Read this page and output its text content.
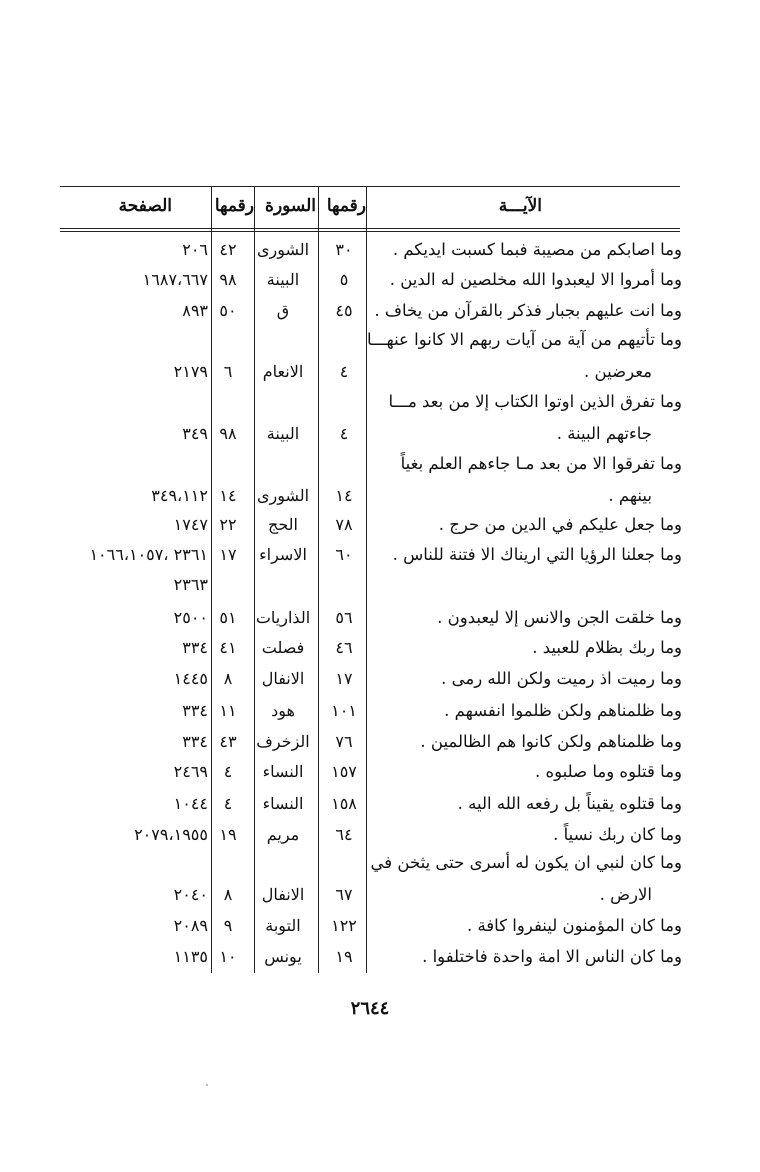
الآيـــة
رقمها
السورة
رقمها
الصفحة
وما اصابكم من مصيبة فبما كسبت ايديكم .
٣٠
الشورى
٤٢
٢٠٦
وما أمروا الا ليعبدوا الله مخلصين له الدين .
٥
البينة
٩٨
١٦٨٧،٦٦٧
وما انت عليهم بجبار فذكر بالقرآن من يخاف .
٤٥
ق
٥٠
٨٩٣
وما تأتيهم من آية من آيات ربهم الا كانوا عنهـــا
معرضين .
٤
الانعام
٦
٢١٧٩
وما تفرق الذين اوتوا الكتاب إلا من بعد مـــا
جاءتهم البينة .
٤
البينة
٩٨
٣٤٩
وما تفرقوا الا من بعد مـا جاءهم العلم بغياً
بينهم .
١٤
الشورى
١٤
٣٤٩،١١٢
وما جعل عليكم في الدين من حرج .
٧٨
الحج
٢٢
١٧٤٧
وما جعلنا الرؤيا التي اريناك الا فتنة للناس .
٦٠
الاسراء
١٧
٢٣٦١ ،١٠٦٦،١٠٥٧
٢٣٦٣
وما خلقت الجن والانس إلا ليعبدون .
٥٦
الذاريات
٥١
٢٥٠٠
وما ربك بظلام للعبيد .
٤٦
فصلت
٤١
٣٣٤
وما رميت اذ رميت ولكن الله رمى .
١٧
الانفال
٨
١٤٤٥
وما ظلمناهم ولكن ظلموا انفسهم .
١٠١
هود
١١
٣٣٤
وما ظلمناهم ولكن كانوا هم الظالمين .
٧٦
الزخرف
٤٣
٣٣٤
وما قتلوه وما صلبوه .
١٥٧
النساء
٤
٢٤٦٩
وما قتلوه يقيناً بل رفعه الله اليه .
١٥٨
النساء
٤
١٠٤٤
وما كان ربك نسياً .
٦٤
مريم
١٩
٢٠٧٩،١٩٥٥
وما كان لنبي ان يكون له أسرى حتى يثخن في
الارض .
٦٧
الانفال
٨
٢٠٤٠
وما كان المؤمنون لينفروا كافة .
١٢٢
التوبة
٩
٢٠٨٩
وما كان الناس الا امة واحدة فاختلفوا .
١٩
يونس
١٠
١١٣٥
٢٦٤٤
